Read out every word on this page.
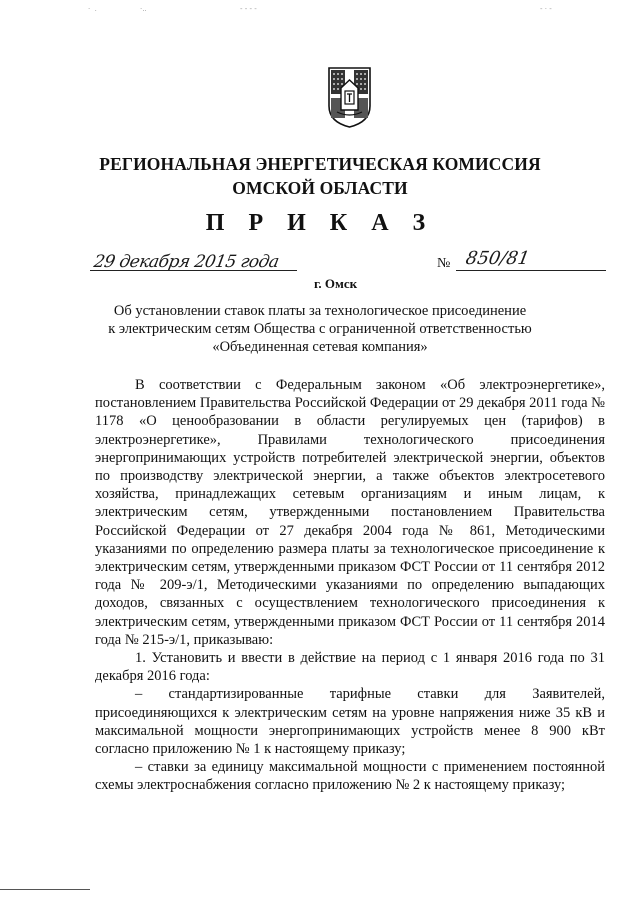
·  .	·..	- - - -	- · -
РЕГИОНАЛЬНАЯ ЭНЕРГЕТИЧЕСКАЯ КОМИССИЯ
ОМСКОЙ ОБЛАСТИ
П Р И К А З
29 декабря 2015 года
г. Омск
№ 850/81
Об установлении ставок платы за технологическое присоединение
к электрическим сетям Общества с ограниченной ответственностью
«Объединенная сетевая компания»

В соответствии с Федеральным законом «Об электроэнергетике», постановлением Правительства Российской Федерации от 29 декабря 2011 года № 1178 «О ценообразовании в области регулируемых цен (тарифов) в электроэнергетике», Правилами технологического присоединения энергопринимающих устройств потребителей электрической энергии, объектов по производству электрической энергии, а также объектов электросетевого хозяйства, принадлежащих сетевым организациям и иным лицам, к электрическим сетям, утвержденными постановлением Правительства Российской Федерации от 27 декабря 2004 года № 861, Методическими указаниями по определению размера платы за технологическое присоединение к электрическим сетям, утвержденными приказом ФСТ России от 11 сентября 2012 года № 209-э/1, Методическими указаниями по определению выпадающих доходов, связанных с осуществлением технологического присоединения к электрическим сетям, утвержденными приказом ФСТ России от 11 сентября 2014 года № 215-э/1, приказываю:

1. Установить и ввести в действие на период с 1 января 2016 года по 31 декабря 2016 года:

– стандартизированные тарифные ставки для Заявителей, присоединяющихся к электрическим сетям на уровне напряжения ниже 35 кВ и максимальной мощности энергопринимающих устройств менее 8 900 кВт согласно приложению № 1 к настоящему приказу;

– ставки за единицу максимальной мощности с применением постоянной схемы электроснабжения согласно приложению № 2 к настоящему приказу;
